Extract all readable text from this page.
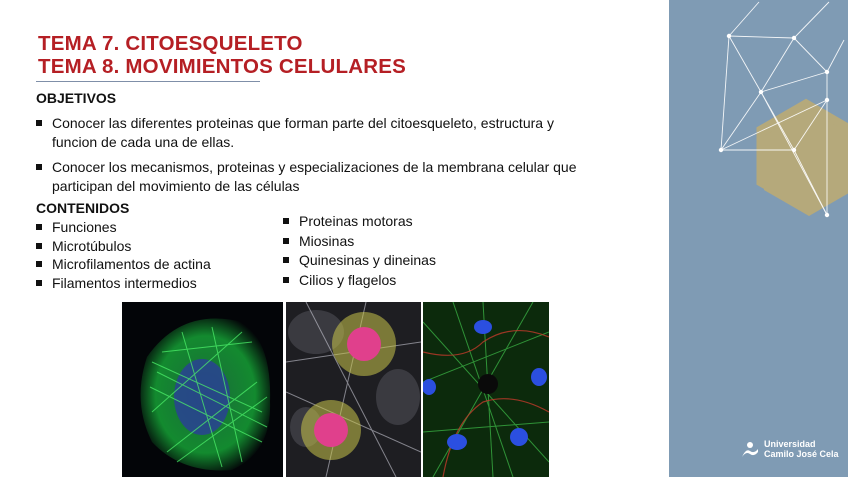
TEMA 7. CITOESQUELETO
TEMA 8. MOVIMIENTOS CELULARES
OBJETIVOS
Conocer las diferentes proteinas que forman parte del citoesqueleto, estructura y funcion de cada una de ellas.
Conocer los mecanismos, proteinas y especializaciones de la membrana celular que participan del movimiento de las células
CONTENIDOS
Funciones
Microtúbulos
Microfilamentos de actina
Filamentos intermedios
Proteinas motoras
Miosinas
Quinesinas y dineinas
Cilios y flagelos
Universidad
Camilo José Cela
